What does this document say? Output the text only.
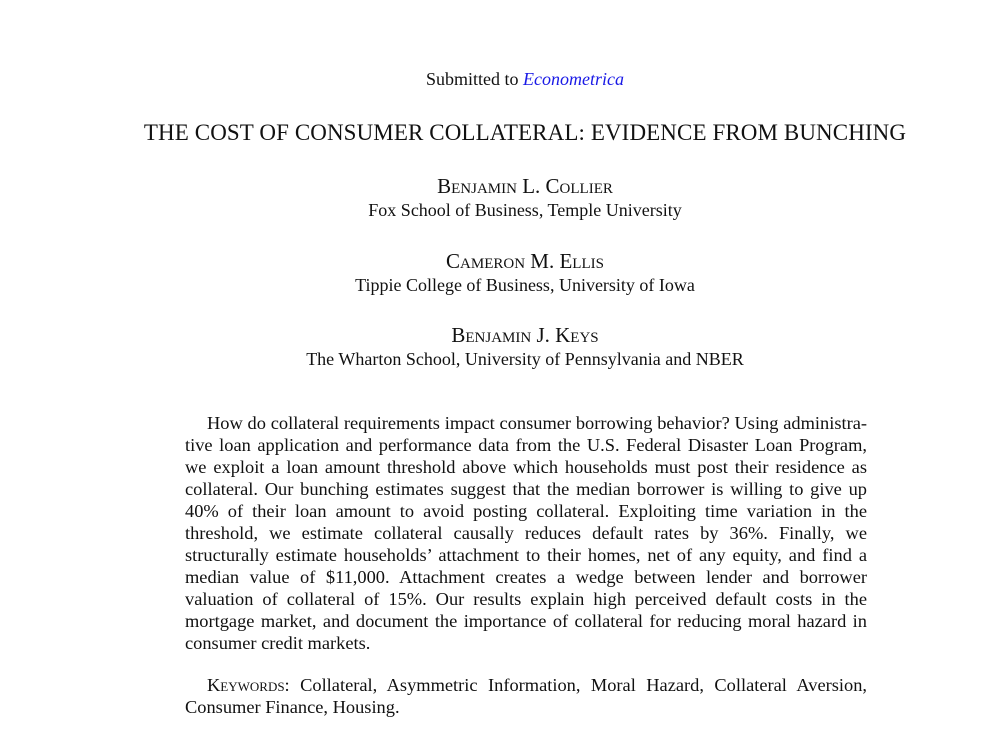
Submitted to Econometrica
THE COST OF CONSUMER COLLATERAL: EVIDENCE FROM BUNCHING
Benjamin L. Collier
Fox School of Business, Temple University
Cameron M. Ellis
Tippie College of Business, University of Iowa
Benjamin J. Keys
The Wharton School, University of Pennsylvania and NBER
How do collateral requirements impact consumer borrowing behavior? Using administrative loan application and performance data from the U.S. Federal Disaster Loan Program, we exploit a loan amount threshold above which households must post their residence as collateral. Our bunching estimates suggest that the median borrower is willing to give up 40% of their loan amount to avoid posting collateral. Exploiting time variation in the threshold, we estimate collateral causally reduces default rates by 36%. Finally, we structurally estimate households’ attachment to their homes, net of any equity, and find a median value of $11,000. Attachment creates a wedge between lender and borrower valuation of collateral of 15%. Our results explain high perceived default costs in the mortgage market, and document the importance of collateral for reducing moral hazard in consumer credit markets.
Keywords: Collateral, Asymmetric Information, Moral Hazard, Collateral Aversion, Consumer Finance, Housing.
